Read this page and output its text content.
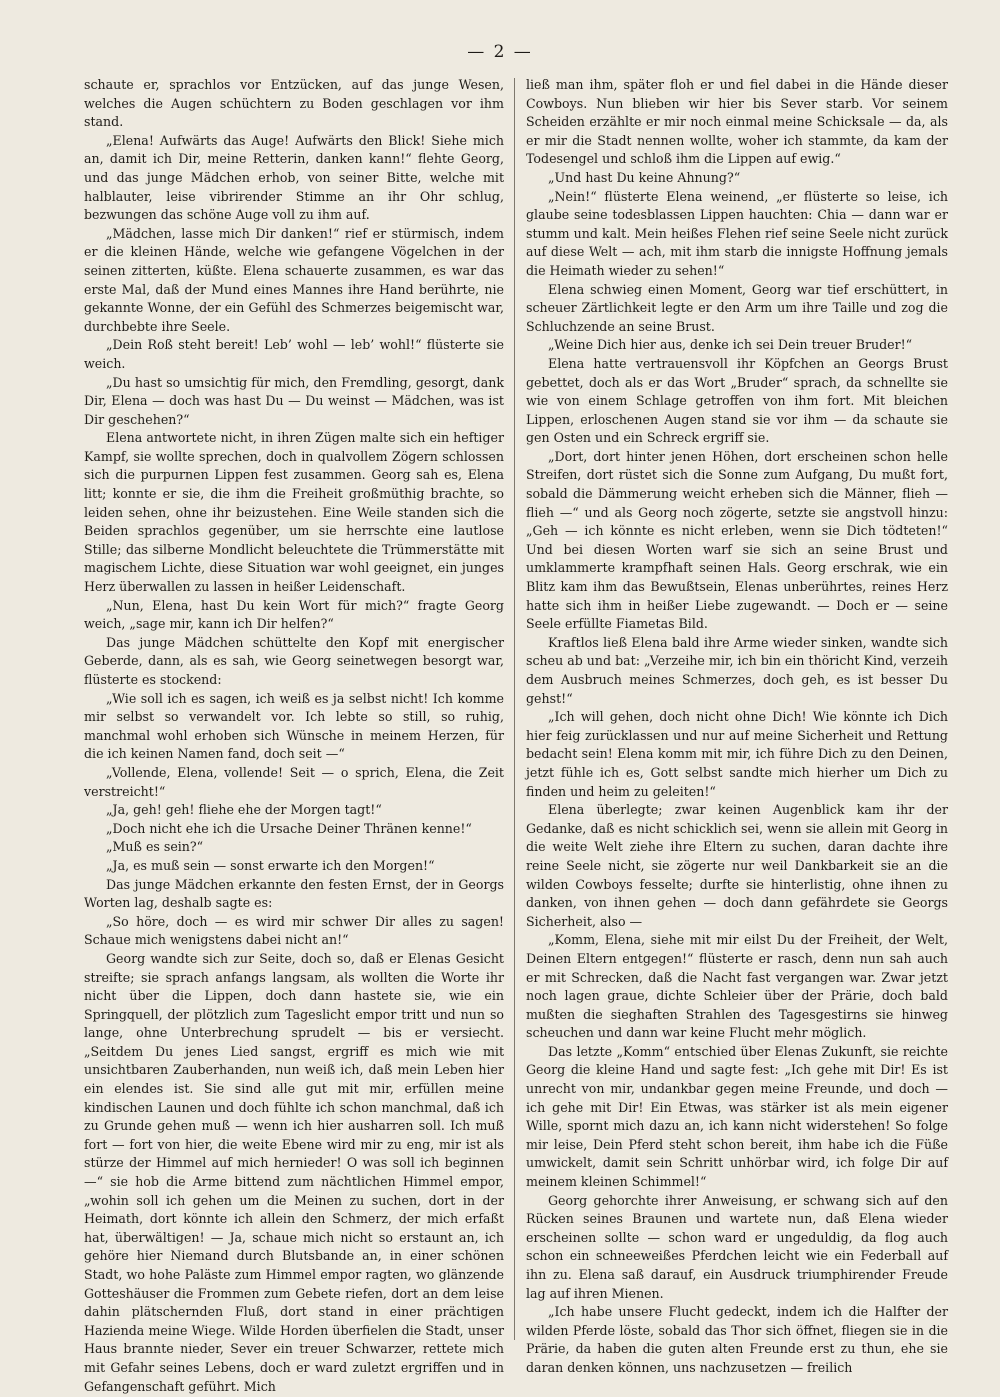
— 2 —

schaute er, sprachlos vor Entzücken, auf das junge Wesen, welches die Augen schüchtern zu Boden geschlagen vor ihm stand.

„Elena! Aufwärts das Auge! Aufwärts den Blick! Siehe mich an, damit ich Dir, meine Retterin, danken kann!“ flehte Georg, und das junge Mädchen erhob, von seiner Bitte, welche mit halblauter, leise vibrirender Stimme an ihr Ohr schlug, bezwungen das schöne Auge voll zu ihm auf.

„Mädchen, lasse mich Dir danken!“ rief er stürmisch, indem er die kleinen Hände, welche wie gefangene Vögelchen in der seinen zitterten, küßte. Elena schauerte zusammen, es war das erste Mal, daß der Mund eines Mannes ihre Hand berührte, nie gekannte Wonne, der ein Gefühl des Schmerzes beigemischt war, durchbebte ihre Seele.

„Dein Roß steht bereit! Leb’ wohl — leb’ wohl!“ flüsterte sie weich.

„Du hast so umsichtig für mich, den Fremdling, gesorgt, dank Dir, Elena — doch was hast Du — Du weinst — Mädchen, was ist Dir geschehen?“

Elena antwortete nicht, in ihren Zügen malte sich ein heftiger Kampf, sie wollte sprechen, doch in qualvollem Zögern schlossen sich die purpurnen Lippen fest zusammen. Georg sah es, Elena litt; konnte er sie, die ihm die Freiheit großmüthig brachte, so leiden sehen, ohne ihr beizustehen. Eine Weile standen sich die Beiden sprachlos gegenüber, um sie herrschte eine lautlose Stille; das silberne Mondlicht beleuchtete die Trümmerstätte mit magischem Lichte, diese Situation war wohl geeignet, ein junges Herz überwallen zu lassen in heißer Leidenschaft.

„Nun, Elena, hast Du kein Wort für mich?“ fragte Georg weich, „sage mir, kann ich Dir helfen?“

Das junge Mädchen schüttelte den Kopf mit energischer Geberde, dann, als es sah, wie Georg seinetwegen besorgt war, flüsterte es stockend:

„Wie soll ich es sagen, ich weiß es ja selbst nicht! Ich komme mir selbst so verwandelt vor. Ich lebte so still, so ruhig, manchmal wohl erhoben sich Wünsche in meinem Herzen, für die ich keinen Namen fand, doch seit —“

„Vollende, Elena, vollende! Seit — o sprich, Elena, die Zeit verstreicht!“

„Ja, geh! geh! fliehe ehe der Morgen tagt!“

„Doch nicht ehe ich die Ursache Deiner Thränen kenne!“

„Muß es sein?“

„Ja, es muß sein — sonst erwarte ich den Morgen!“

Das junge Mädchen erkannte den festen Ernst, der in Georgs Worten lag, deshalb sagte es:

„So höre, doch — es wird mir schwer Dir alles zu sagen! Schaue mich wenigstens dabei nicht an!“

Georg wandte sich zur Seite, doch so, daß er Elenas Gesicht streifte; sie sprach anfangs langsam, als wollten die Worte ihr nicht über die Lippen, doch dann hastete sie, wie ein Springquell, der plötzlich zum Tageslicht empor tritt und nun so lange, ohne Unterbrechung sprudelt — bis er versiecht. „Seitdem Du jenes Lied sangst, ergriff es mich wie mit unsichtbaren Zauberhanden, nun weiß ich, daß mein Leben hier ein elendes ist. Sie sind alle gut mit mir, erfüllen meine kindischen Launen und doch fühlte ich schon manchmal, daß ich zu Grunde gehen muß — wenn ich hier ausharren soll. Ich muß fort — fort von hier, die weite Ebene wird mir zu eng, mir ist als stürze der Himmel auf mich hernieder! O was soll ich beginnen —“ sie hob die Arme bittend zum nächtlichen Himmel empor, „wohin soll ich gehen um die Meinen zu suchen, dort in der Heimath, dort könnte ich allein den Schmerz, der mich erfaßt hat, überwältigen! — Ja, schaue mich nicht so erstaunt an, ich gehöre hier Niemand durch Blutsbande an, in einer schönen Stadt, wo hohe Paläste zum Himmel empor ragten, wo glänzende Gotteshäuser die Frommen zum Gebete riefen, dort an dem leise dahin plätschernden Fluß, dort stand in einer prächtigen Hazienda meine Wiege. Wilde Horden überfielen die Stadt, unser Haus brannte nieder, Sever ein treuer Schwarzer, rettete mich mit Gefahr seines Lebens, doch er ward zuletzt ergriffen und in Gefangenschaft geführt. Mich

ließ man ihm, später floh er und fiel dabei in die Hände dieser Cowboys. Nun blieben wir hier bis Sever starb. Vor seinem Scheiden erzählte er mir noch einmal meine Schicksale — da, als er mir die Stadt nennen wollte, woher ich stammte, da kam der Todesengel und schloß ihm die Lippen auf ewig.“

„Und hast Du keine Ahnung?“

„Nein!“ flüsterte Elena weinend, „er flüsterte so leise, ich glaube seine todesblassen Lippen hauchten: Chia — dann war er stumm und kalt. Mein heißes Flehen rief seine Seele nicht zurück auf diese Welt — ach, mit ihm starb die innigste Hoffnung jemals die Heimath wieder zu sehen!“

Elena schwieg einen Moment, Georg war tief erschüttert, in scheuer Zärtlichkeit legte er den Arm um ihre Taille und zog die Schluchzende an seine Brust.

„Weine Dich hier aus, denke ich sei Dein treuer Bruder!“

Elena hatte vertrauensvoll ihr Köpfchen an Georgs Brust gebettet, doch als er das Wort „Bruder“ sprach, da schnellte sie wie von einem Schlage getroffen von ihm fort. Mit bleichen Lippen, erloschenen Augen stand sie vor ihm — da schaute sie gen Osten und ein Schreck ergriff sie.

„Dort, dort hinter jenen Höhen, dort erscheinen schon helle Streifen, dort rüstet sich die Sonne zum Aufgang, Du mußt fort, sobald die Dämmerung weicht erheben sich die Männer, flieh — flieh —“ und als Georg noch zögerte, setzte sie angstvoll hinzu: „Geh — ich könnte es nicht erleben, wenn sie Dich tödteten!“ Und bei diesen Worten warf sie sich an seine Brust und umklammerte krampfhaft seinen Hals. Georg erschrak, wie ein Blitz kam ihm das Bewußtsein, Elenas unberührtes, reines Herz hatte sich ihm in heißer Liebe zugewandt. — Doch er — seine Seele erfüllte Fiametas Bild.

Kraftlos ließ Elena bald ihre Arme wieder sinken, wandte sich scheu ab und bat: „Verzeihe mir, ich bin ein thöricht Kind, verzeih dem Ausbruch meines Schmerzes, doch geh, es ist besser Du gehst!“

„Ich will gehen, doch nicht ohne Dich! Wie könnte ich Dich hier feig zurücklassen und nur auf meine Sicherheit und Rettung bedacht sein! Elena komm mit mir, ich führe Dich zu den Deinen, jetzt fühle ich es, Gott selbst sandte mich hierher um Dich zu finden und heim zu geleiten!“

Elena überlegte; zwar keinen Augenblick kam ihr der Gedanke, daß es nicht schicklich sei, wenn sie allein mit Georg in die weite Welt ziehe ihre Eltern zu suchen, daran dachte ihre reine Seele nicht, sie zögerte nur weil Dankbarkeit sie an die wilden Cowboys fesselte; durfte sie hinterlistig, ohne ihnen zu danken, von ihnen gehen — doch dann gefährdete sie Georgs Sicherheit, also —

„Komm, Elena, siehe mit mir eilst Du der Freiheit, der Welt, Deinen Eltern entgegen!“ flüsterte er rasch, denn nun sah auch er mit Schrecken, daß die Nacht fast vergangen war. Zwar jetzt noch lagen graue, dichte Schleier über der Prärie, doch bald mußten die sieghaften Strahlen des Tagesgestirns sie hinweg scheuchen und dann war keine Flucht mehr möglich.

Das letzte „Komm“ entschied über Elenas Zukunft, sie reichte Georg die kleine Hand und sagte fest: „Ich gehe mit Dir! Es ist unrecht von mir, undankbar gegen meine Freunde, und doch — ich gehe mit Dir! Ein Etwas, was stärker ist als mein eigener Wille, spornt mich dazu an, ich kann nicht widerstehen! So folge mir leise, Dein Pferd steht schon bereit, ihm habe ich die Füße umwickelt, damit sein Schritt unhörbar wird, ich folge Dir auf meinem kleinen Schimmel!“

Georg gehorchte ihrer Anweisung, er schwang sich auf den Rücken seines Braunen und wartete nun, daß Elena wieder erscheinen sollte — schon ward er ungeduldig, da flog auch schon ein schneeweißes Pferdchen leicht wie ein Federball auf ihn zu. Elena saß darauf, ein Ausdruck triumphirender Freude lag auf ihren Mienen.

„Ich habe unsere Flucht gedeckt, indem ich die Halfter der wilden Pferde löste, sobald das Thor sich öffnet, fliegen sie in die Prärie, da haben die guten alten Freunde erst zu thun, ehe sie daran denken können, uns nachzusetzen — freilich
